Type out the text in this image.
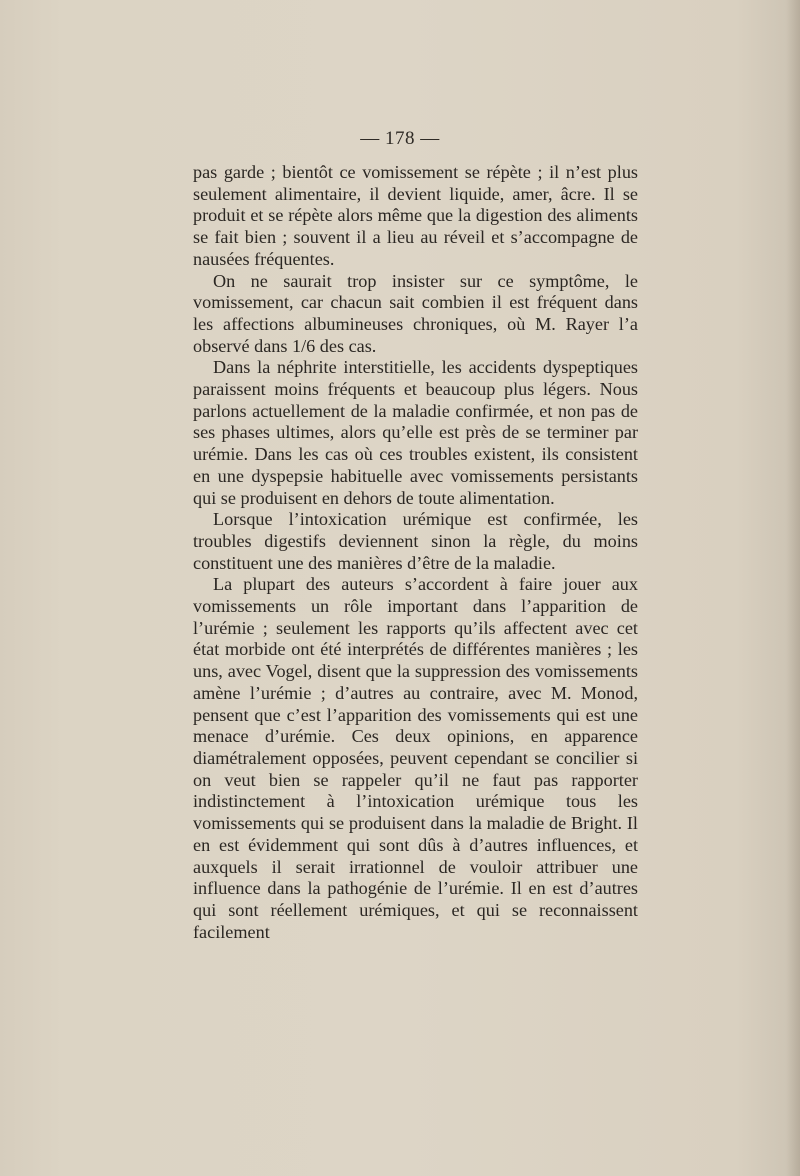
— 178 —

pas garde ; bientôt ce vomissement se répète ; il n’est plus seulement alimentaire, il devient liquide, amer, âcre. Il se produit et se répète alors même que la digestion des aliments se fait bien ; souvent il a lieu au réveil et s’accompagne de nausées fréquentes.

On ne saurait trop insister sur ce symptôme, le vomissement, car chacun sait combien il est fréquent dans les affections albumineuses chroniques, où M. Rayer l’a observé dans 1/6 des cas.

Dans la néphrite interstitielle, les accidents dyspeptiques paraissent moins fréquents et beaucoup plus légers. Nous parlons actuellement de la maladie confirmée, et non pas de ses phases ultimes, alors qu’elle est près de se terminer par urémie. Dans les cas où ces troubles existent, ils consistent en une dyspepsie habituelle avec vomissements persistants qui se produisent en dehors de toute alimentation.

Lorsque l’intoxication urémique est confirmée, les troubles digestifs deviennent sinon la règle, du moins constituent une des manières d’être de la maladie.

La plupart des auteurs s’accordent à faire jouer aux vomissements un rôle important dans l’apparition de l’urémie ; seulement les rapports qu’ils affectent avec cet état morbide ont été interprétés de différentes manières ; les uns, avec Vogel, disent que la suppression des vomissements amène l’urémie ; d’autres au contraire, avec M. Monod, pensent que c’est l’apparition des vomissements qui est une menace d’urémie. Ces deux opinions, en apparence diamétralement opposées, peuvent cependant se concilier si on veut bien se rappeler qu’il ne faut pas rapporter indistinctement à l’intoxication urémique tous les vomissements qui se produisent dans la maladie de Bright. Il en est évidemment qui sont dûs à d’autres influences, et auxquels il serait irrationnel de vouloir attribuer une influence dans la pathogénie de l’urémie. Il en est d’autres qui sont réellement urémiques, et qui se reconnaissent facilement
